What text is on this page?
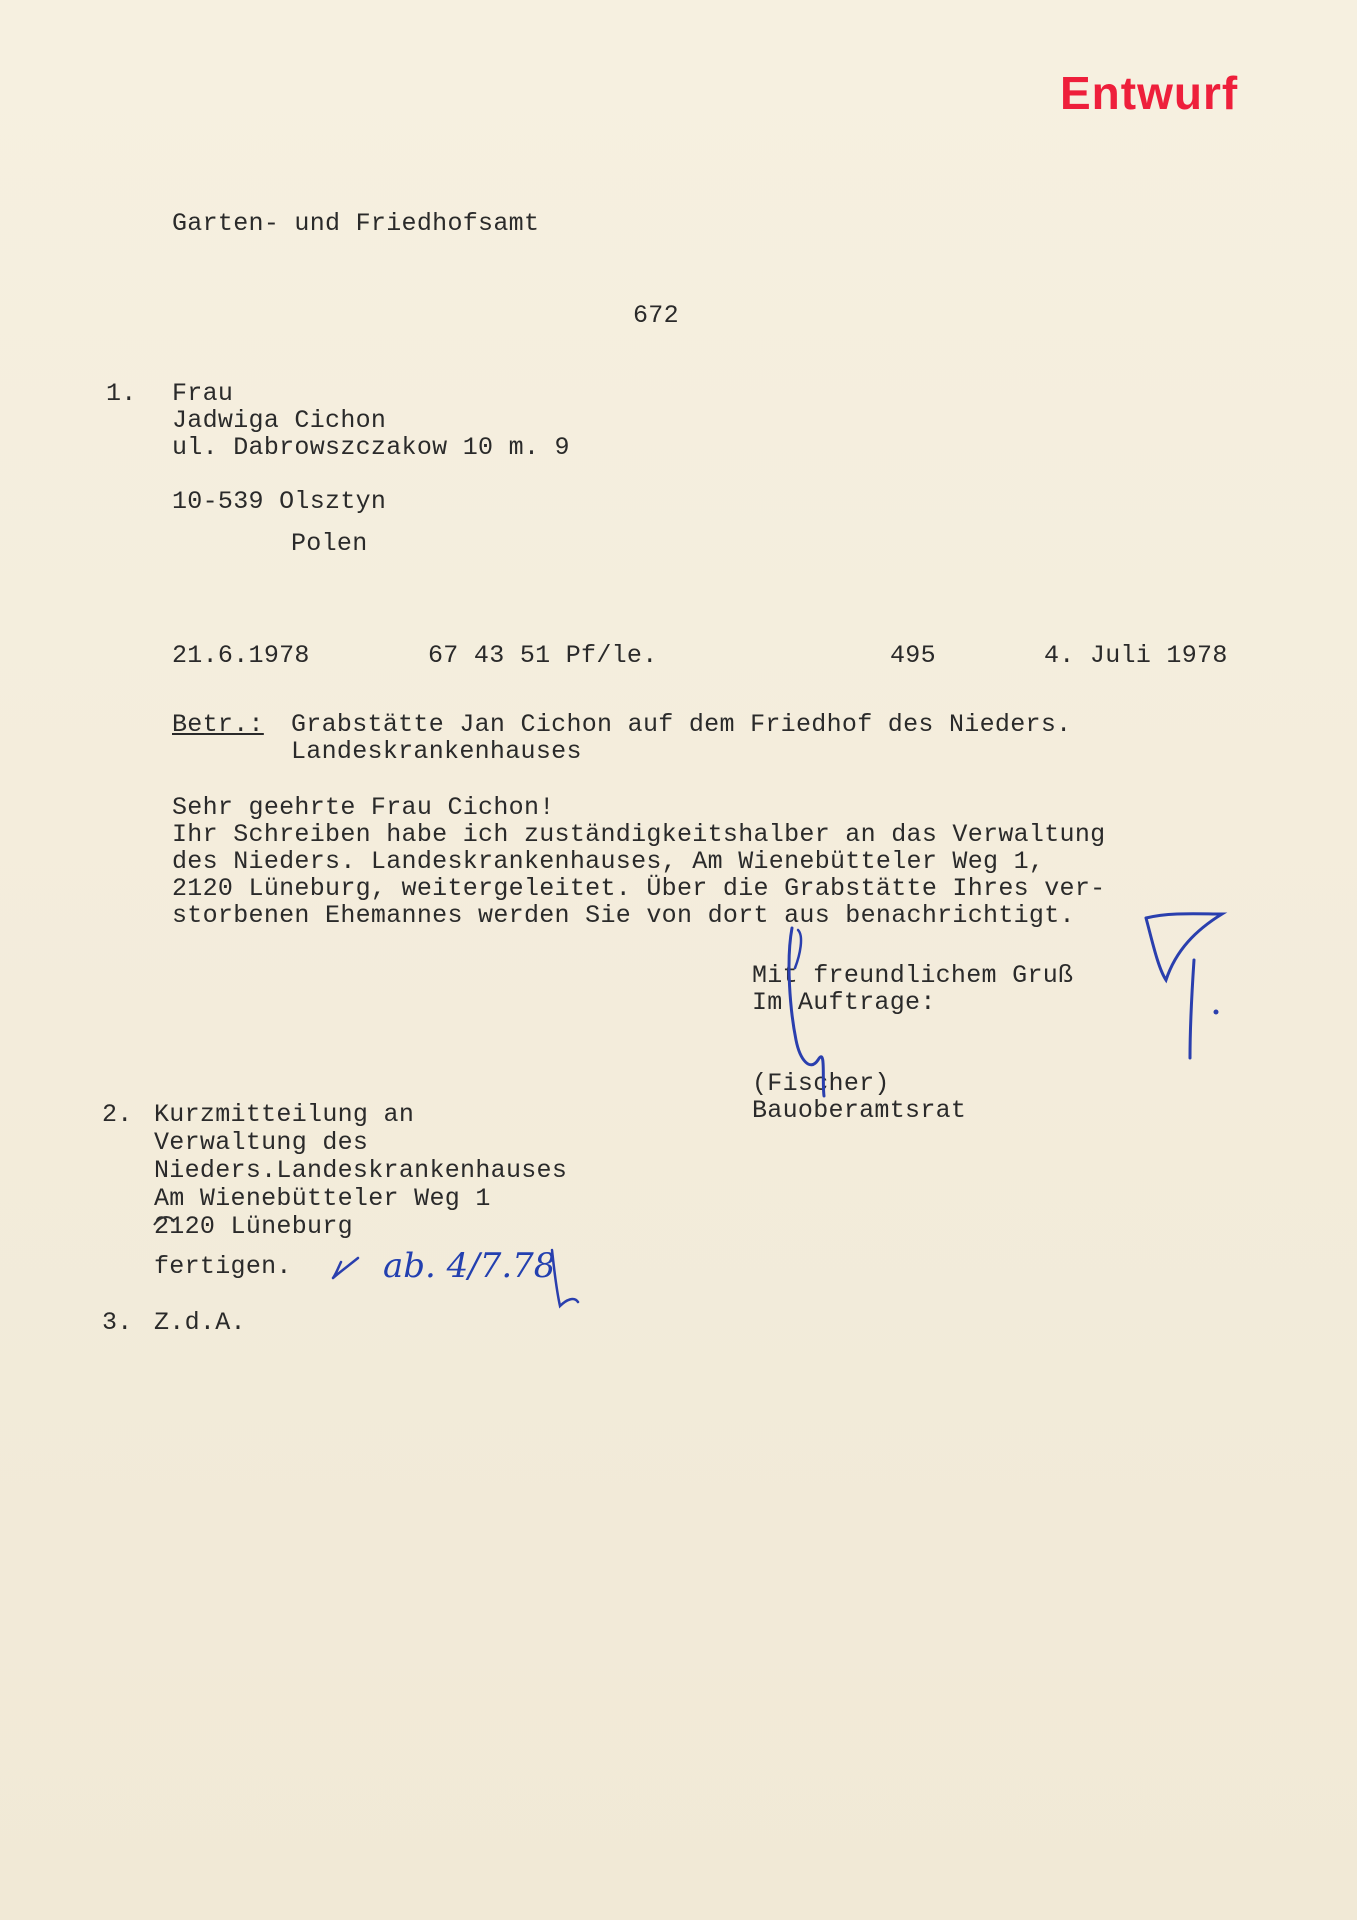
Entwurf
Garten- und Friedhofsamt
672
1. Frau
Jadwiga Cichon
ul. Dabrowszczakow 10 m. 9
10-539 Olsztyn
Polen
21.6.1978	67 43 51 Pf/le.	495	4. Juli 1978
Betr.: Grabstätte Jan Cichon auf dem Friedhof des Nieders.
Landeskrankenhauses
Sehr geehrte Frau Cichon!
Ihr Schreiben habe ich zuständigkeitshalber an das Verwaltung
des Nieders. Landeskrankenhauses, Am Wienebütteler Weg 1,
2120 Lüneburg, weitergeleitet. Über die Grabstätte Ihres ver-
storbenen Ehemannes werden Sie von dort aus benachrichtigt.
Mit freundlichem Gruß
Im Auftrage:
(Fischer)
Bauoberamtsrat
2. Kurzmitteilung an
Verwaltung des
Nieders.Landeskrankenhauses
Am Wienebütteler Weg 1
2120 Lüneburg
fertigen.	ab. 4/7.78
3. Z.d.A.
